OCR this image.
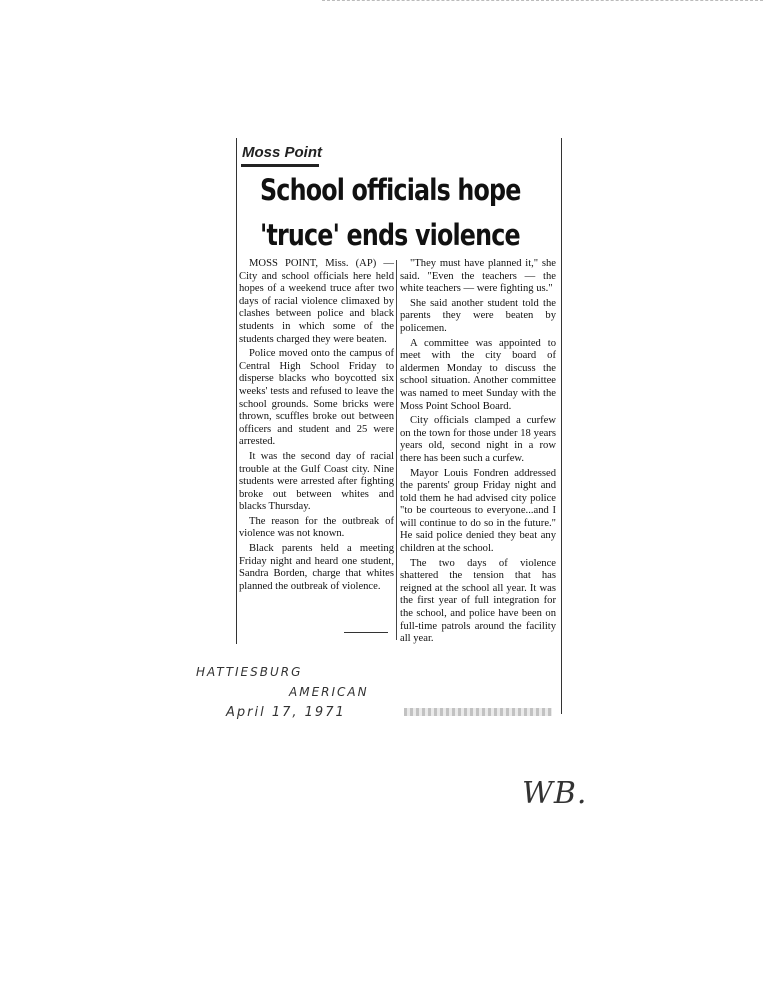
Moss Point
School officials hope
'truce' ends violence

MOSS POINT, Miss. (AP) — City and school officials here held hopes of a weekend truce after two days of racial violence climaxed by clashes between police and black students in which some of the students charged they were beaten.

Police moved onto the campus of Central High School Friday to disperse blacks who boycotted six weeks' tests and refused to leave the school grounds. Some bricks were thrown, scuffles broke out between officers and student and 25 were arrested.

It was the second day of racial trouble at the Gulf Coast city. Nine students were arrested after fighting broke out between whites and blacks Thursday.

The reason for the outbreak of violence was not known.

Black parents held a meeting Friday night and heard one student, Sandra Borden, charge that whites planned the outbreak of violence.

"They must have planned it," she said. "Even the teachers — the white teachers — were fighting us."

She said another student told the parents they were beaten by policemen.

A committee was appointed to meet with the city board of aldermen Monday to discuss the school situation. Another committee was named to meet Sunday with the Moss Point School Board.

City officials clamped a curfew on the town for those under 18 years years old, second night in a row there has been such a curfew.

Mayor Louis Fondren addressed the parents' group Friday night and told them he had advised city police "to be courteous to everyone...and I will continue to do so in the future." He said police denied they beat any children at the school.

The two days of violence shattered the tension that has reigned at the school all year. It was the first year of full integration for the school, and police have been on full-time patrols around the facility all year.

HATTIESBURG
AMERICAN
April 17, 1971
WB.
